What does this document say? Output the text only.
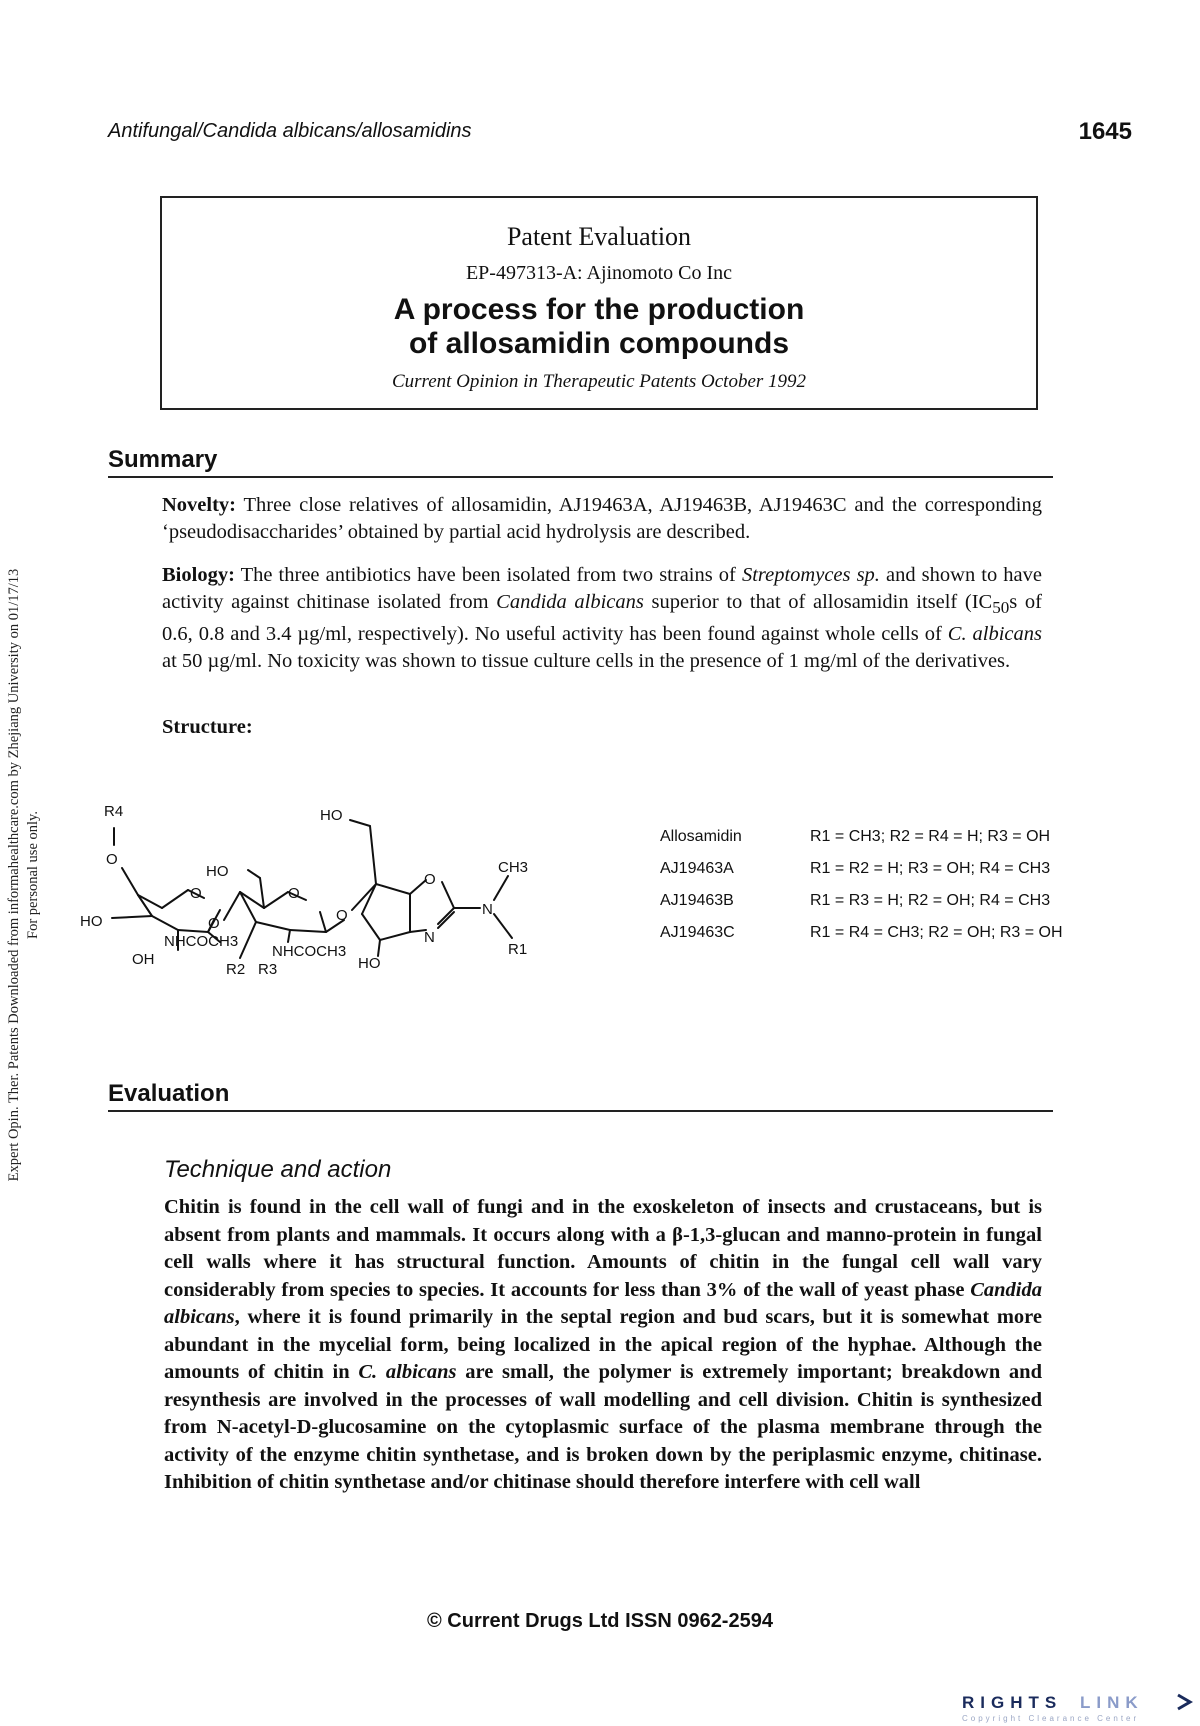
Antifungal/Candida albicans/allosamidins	1645
Patent Evaluation
EP-497313-A: Ajinomoto Co Inc
A process for the production
of allosamidin compounds
Current Opinion in Therapeutic Patents October 1992
Summary
Novelty: Three close relatives of allosamidin, AJ19463A, AJ19463B, AJ19463C and the corresponding ‘pseudodisaccharides’ obtained by partial acid hydrolysis are described.
Biology: The three antibiotics have been isolated from two strains of Streptomyces sp. and shown to have activity against chitinase isolated from Candida albicans superior to that of allosamidin itself ($IC_{50}s$ of 0.6, 0.8 and 3.4 µg/ml, respectively). No useful activity has been found against whole cells of C. albicans at 50 µg/ml. No toxicity was shown to tissue culture cells in the presence of 1 mg/ml of the derivatives.
Structure:
R4
O
HO
HO
O
O
OH
NHCOCH3
O
R2 R3
NHCOCH3
HO
O
HO
O
N
N
CH3
R1
Allosamidin	R1 = CH3; R2 = R4 = H; R3 = OH
AJ19463A	R1 = R2 = H; R3 = OH; R4 = CH3
AJ19463B	R1 = R3 = H; R2 = OH; R4 = CH3
AJ19463C	R1 = R4 = CH3; R2 = OH; R3 = OH
Evaluation
Technique and action
Chitin is found in the cell wall of fungi and in the exoskeleton of insects and crustaceans, but is absent from plants and mammals. It occurs along with a β-1,3-glucan and manno-protein in fungal cell walls where it has structural function. Amounts of chitin in the fungal cell wall vary considerably from species to species. It accounts for less than 3% of the wall of yeast phase Candida albicans, where it is found primarily in the septal region and bud scars, but it is somewhat more abundant in the mycelial form, being localized in the apical region of the hyphae. Although the amounts of chitin in C. albicans are small, the polymer is extremely important; breakdown and resynthesis are involved in the processes of wall modelling and cell division. Chitin is synthesized from N-acetyl-D-glucosamine on the cytoplasmic surface of the plasma membrane through the activity of the enzyme chitin synthetase, and is broken down by the periplasmic enzyme, chitinase. Inhibition of chitin synthetase and/or chitinase should therefore interfere with cell wall
© Current Drugs Ltd ISSN 0962-2594
Expert Opin. Ther. Patents Downloaded from informahealthcare.com by Zhejiang University on 01/17/13 For personal use only.
RIGHTS LINK
Copyright Clearance Center
